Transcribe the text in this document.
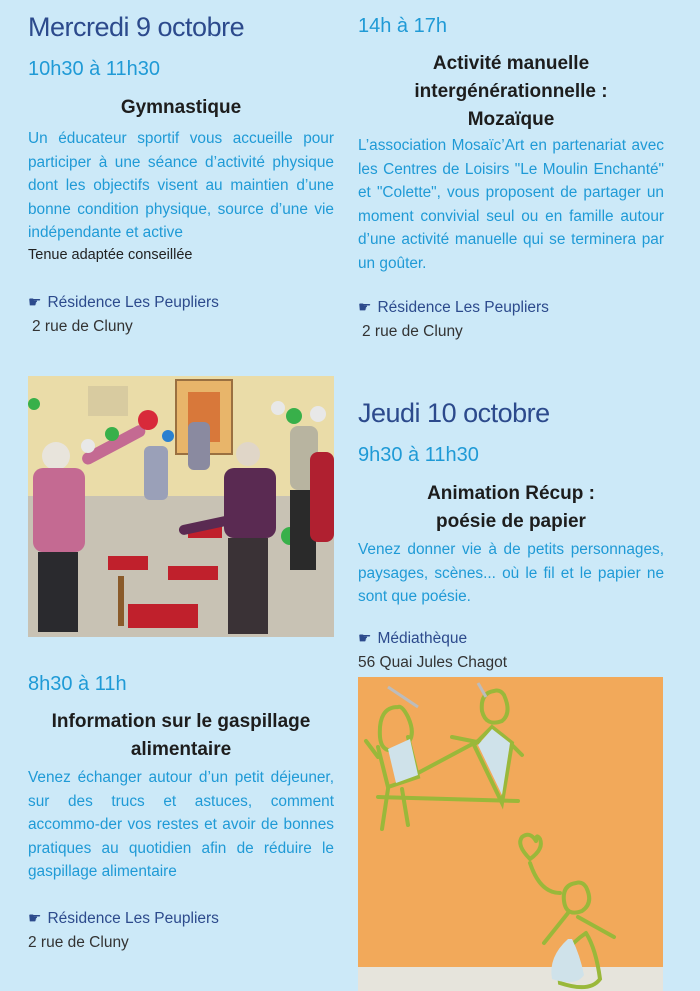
Mercredi 9 octobre
10h30 à 11h30
Gymnastique
Un éducateur sportif vous accueille pour participer à une séance d’activité physique dont les objectifs visent au maintien d’une bonne condition physique, source d’une vie indépendante et active
Tenue adaptée conseillée
☛ Résidence Les Peupliers
2 rue de Cluny
8h30 à 11h
Information sur le gaspillage
alimentaire
Venez échanger autour d’un petit déjeuner, sur des trucs et astuces, comment accommo-der vos restes et avoir de bonnes pratiques au quotidien afin de réduire le gaspillage alimentaire
☛ Résidence Les Peupliers
2 rue de Cluny
14h à 17h
Activité manuelle
intergénérationnelle :
Mozaïque
L’association Mosaïc’Art en partenariat avec les Centres de Loisirs "Le Moulin Enchanté" et "Colette", vous proposent de partager un moment convivial seul ou en famille autour d’une activité manuelle qui se terminera par un goûter.
☛ Résidence Les Peupliers
2 rue de Cluny
Jeudi 10 octobre
9h30 à 11h30
Animation Récup :
poésie de papier
Venez donner vie à de petits personnages, paysages, scènes... où le fil et le papier ne sont que poésie.
☛ Médiathèque
56 Quai Jules Chagot
